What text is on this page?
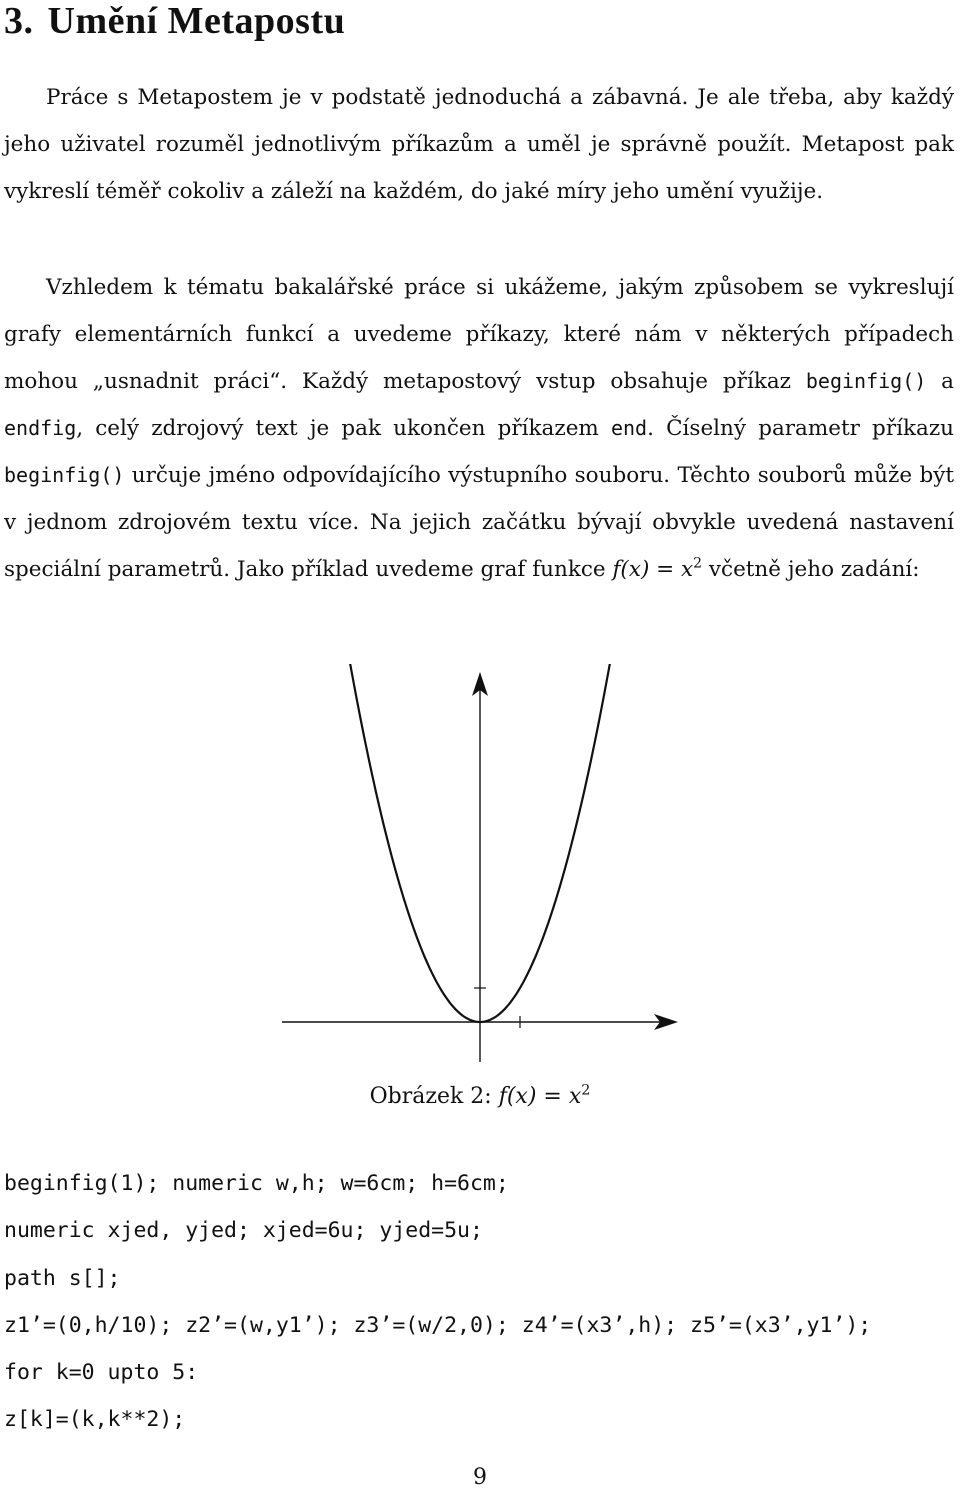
3. Umění Metapostu

Práce s Metapostem je v podstatě jednoduchá a zábavná. Je ale třeba, aby každý jeho uživatel rozuměl jednotlivým příkazům a uměl je správně použít. Metapost pak vykreslí téměř cokoliv a záleží na každém, do jaké míry jeho umění využije.

Vzhledem k tématu bakalářské práce si ukážeme, jakým způsobem se vykreslují grafy elementárních funkcí a uvedeme příkazy, které nám v některých případech mohou „usnadnit práci“. Každý metapostový vstup obsahuje příkaz beginfig() a endfig, celý zdrojový text je pak ukončen příkazem end. Číselný parametr příkazu beginfig() určuje jméno odpovídajícího výstupního souboru. Těchto souborů může být v jednom zdrojovém textu více. Na jejich začátku bývají obvykle uvedená nastavení speciální parametrů. Jako příklad uvedeme graf funkce $f(x) = x^2$ včetně jeho zadání:

Obrázek 2: $f(x) = x^2$
beginfig(1); numeric w,h; w=6cm; h=6cm;
numeric xjed, yjed; xjed=6u; yjed=5u;
path s[];
z1’=(0,h/10); z2’=(w,y1’); z3’=(w/2,0); z4’=(x3’,h); z5’=(x3’,y1’);
for k=0 upto 5:
z[k]=(k,k**2);
9
